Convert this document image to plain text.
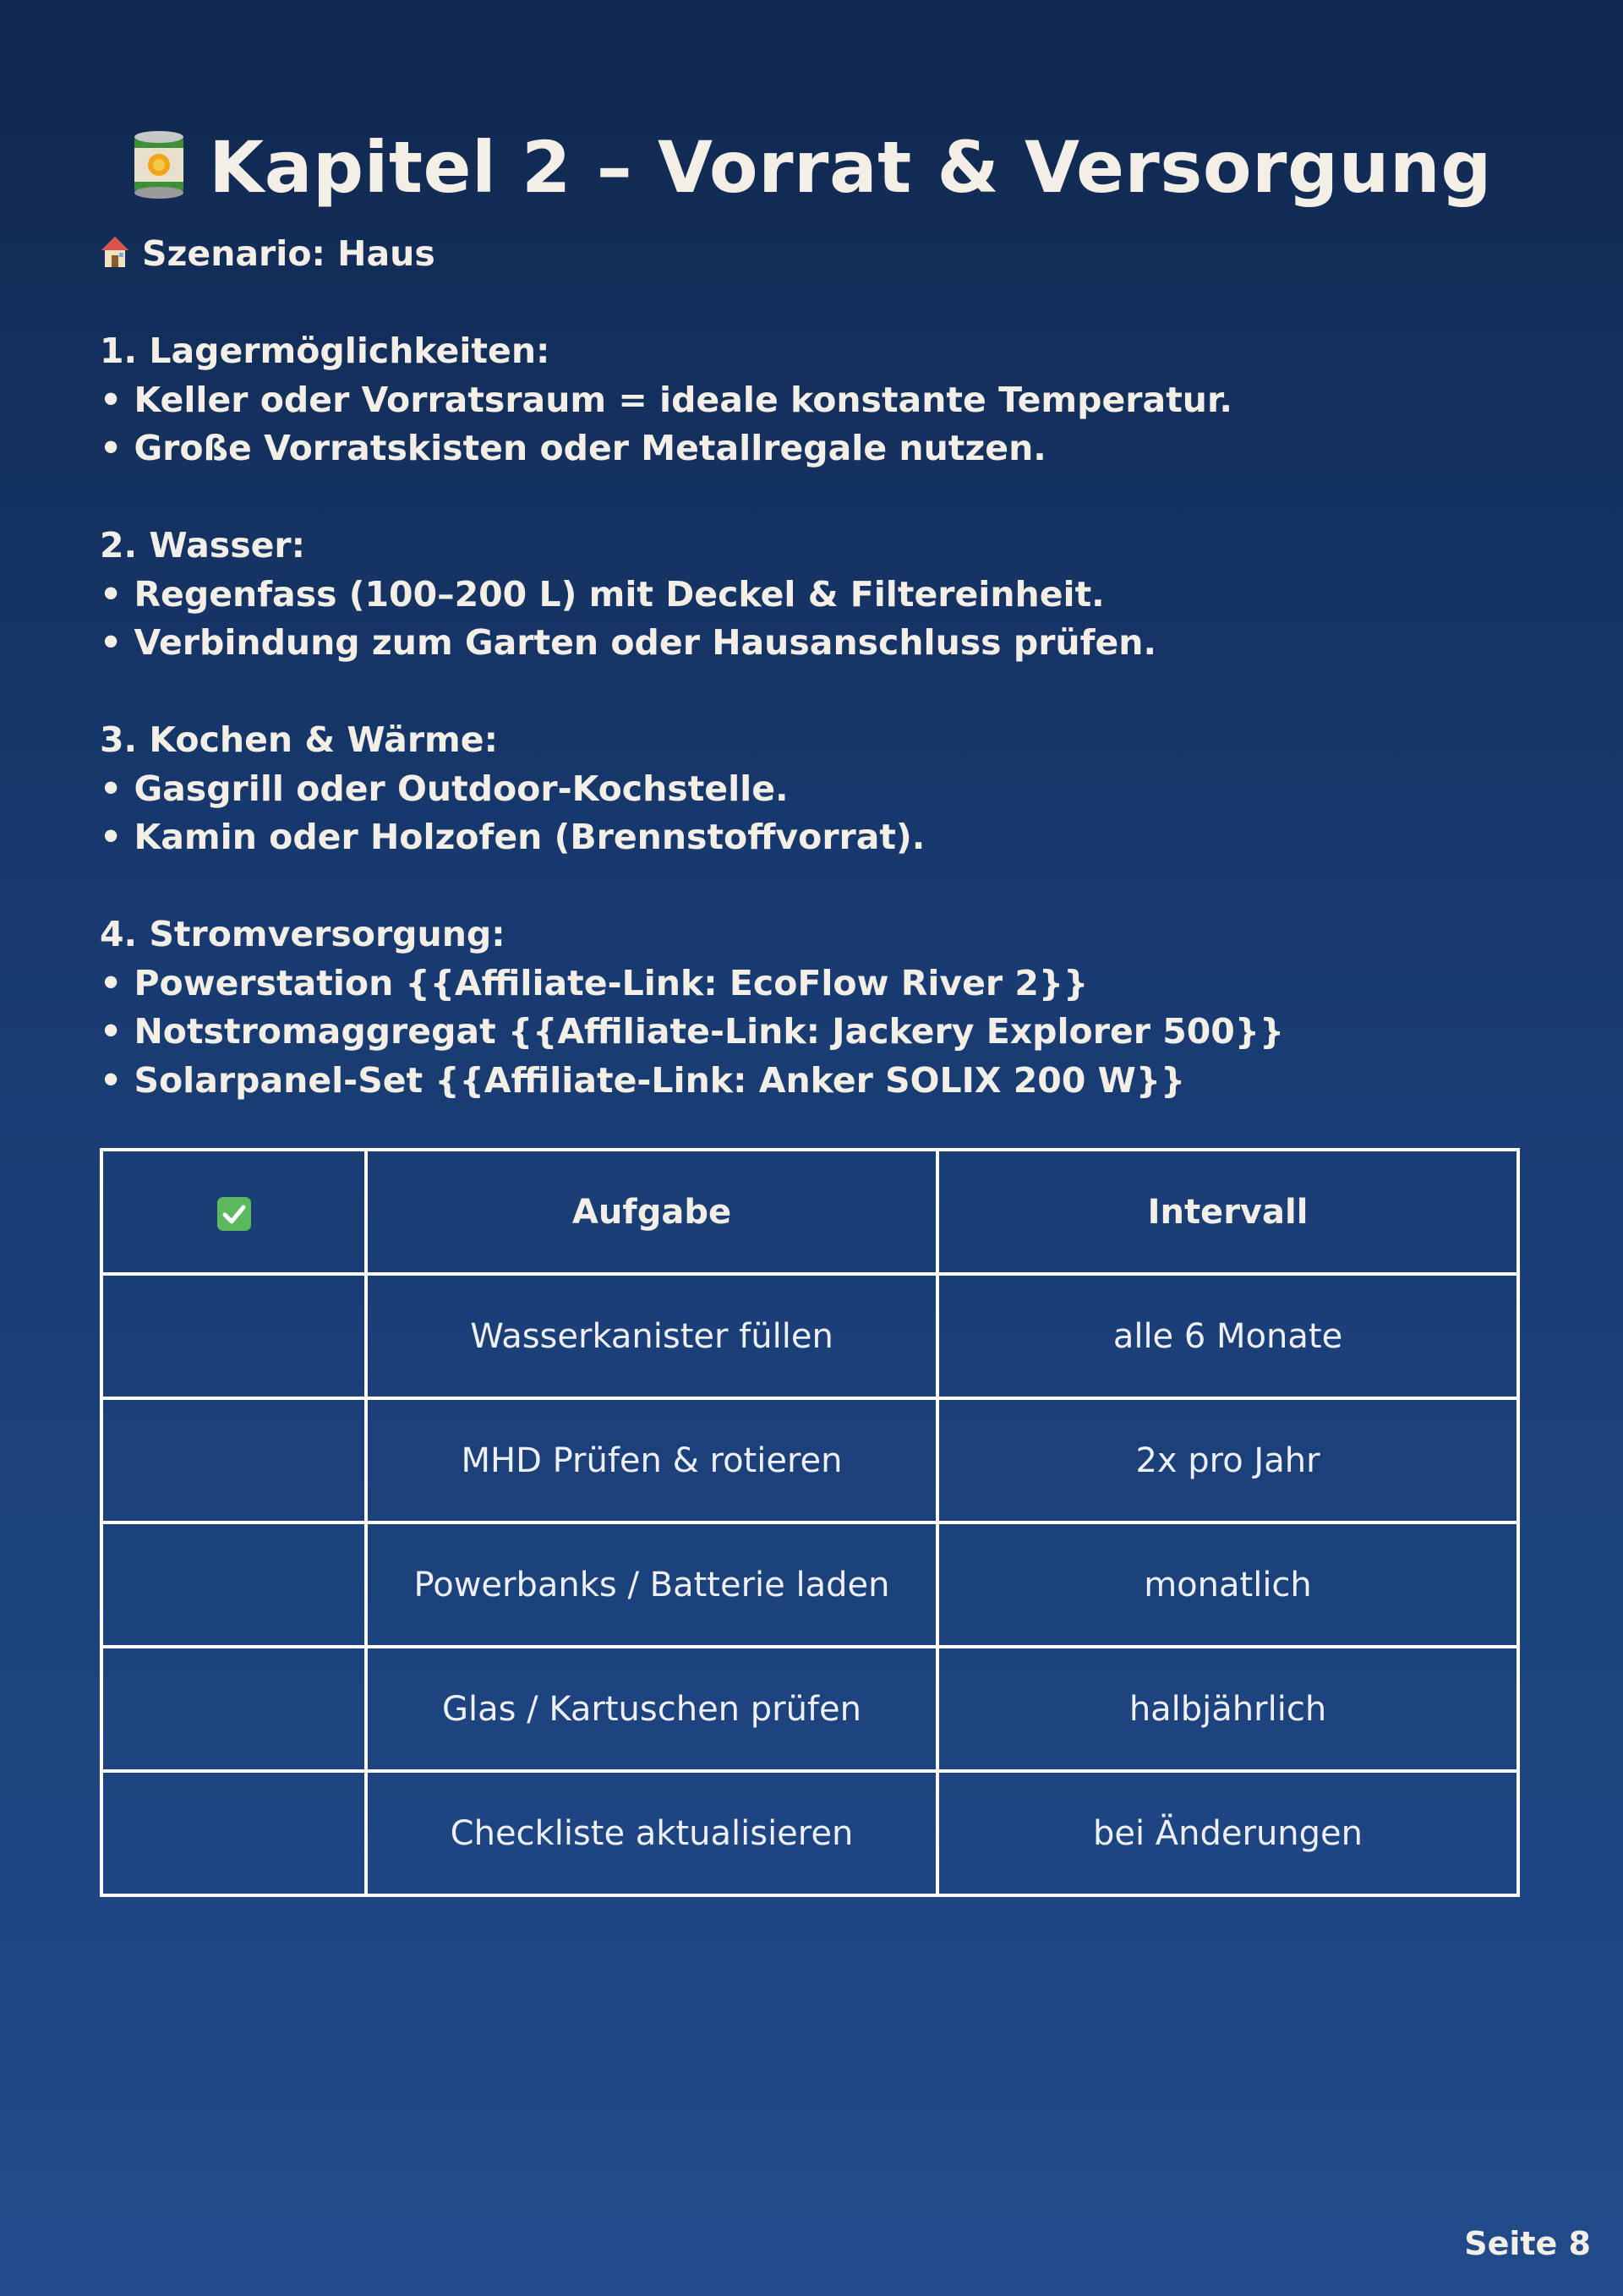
Kapitel 2 – Vorrat & Versorgung
Szenario: Haus
1. Lagermöglichkeiten:
• Keller oder Vorratsraum = ideale konstante Temperatur.
• Große Vorratskisten oder Metallregale nutzen.
2. Wasser:
• Regenfass (100–200 L) mit Deckel & Filtereinheit.
• Verbindung zum Garten oder Hausanschluss prüfen.
3. Kochen & Wärme:
• Gasgrill oder Outdoor-Kochstelle.
• Kamin oder Holzofen (Brennstoffvorrat).
4. Stromversorgung:
• Powerstation {{Affiliate-Link: EcoFlow River 2}}
• Notstromaggregat {{Affiliate-Link: Jackery Explorer 500}}
• Solarpanel-Set {{Affiliate-Link: Anker SOLIX 200 W}}
	Aufgabe	Intervall
	Wasserkanister füllen	alle 6 Monate
	MHD Prüfen & rotieren	2x pro Jahr
	Powerbanks / Batterie laden	monatlich
	Glas / Kartuschen prüfen	halbjährlich
	Checkliste aktualisieren	bei Änderungen
Seite 8
